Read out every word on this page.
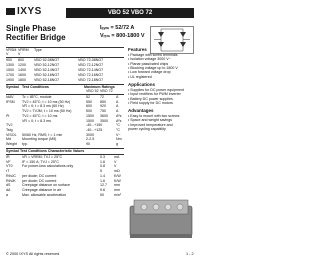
IXYS	VBO 52 VBO 72
Single Phase
Rectifier Bridge
Iₐᵥₘ = 52/72 A
Vᵣᵣₘ = 800-1800 V
VRSM VRRM Type
V	V
900 800	VBO 52-08NO7	VBO 72-08NO7
1300 1200 VBO 52-12NO7	VBO 72-12NO7
1500 1400 VBO 52-14NO7	VBO 72-14NO7
1700 1600 VBO 52-16NO7	VBO 72-16NO7
1900 1800 VBO 52-18NO7	VBO 72-18NO7
Symbol Test Conditions	Maximum Ratings
VBO 52 VBO 72
IdAV Tc = 85°C, module	52	72	A
IFSM TVJ = 45°C; t = 10 ms (50 Hz)	550 850	A
VR = 0; t = 8.3 ms (60 Hz)	600 920	A
TVJ = TVJM; t = 10 ms (50 Hz)	500 750	A
I²t	TVJ = 45°C; t = 10 ms	1500 3600 A²s
VR = 0; t = 8.3 ms	1500 3500 A²s
TVJ	-40...+150	°C
Tstg	-40...+125	°C
VISOL 50/60 Hz, RMS; t = 1 min	3000	V~
Md	Mounting torque (M5)	2-2.5	Nm
Weight typ.	90	g
Symbol Test Conditions Characteristic Values
IR	VR = VRRM; TVJ = 25°C	0.3	mA
VF	IF = 150 A; TVJ = 25°C	1.6	V
VT0	For power-loss calculations only	0.8	V
rT	5	mΩ
RthJC per diode; DC current	1.4	K/W
RthJK per diode; DC current	1.6	K/W
dS	Creepage distance on surface	12.7 mm
dA	Creepage distance in air	9.6	mm
a	Max. allowable acceleration	50	m/s²
Features
• Package with screw terminals
• Isolation voltage 3000 V~
• Planar passivated chips
• Blocking voltage up to 1800 V
• Low forward voltage drop
• UL registered
Applications
• Supplies for DC power equipment
• Input rectifiers for PWM inverter
• Battery DC power supplies
• Field supply for DC motors
Advantages
• Easy to mount with two screws
• Space and weight savings
• Improved temperature and
power cycling capability
© 2000 IXYS All rights reserved	1 - 2
